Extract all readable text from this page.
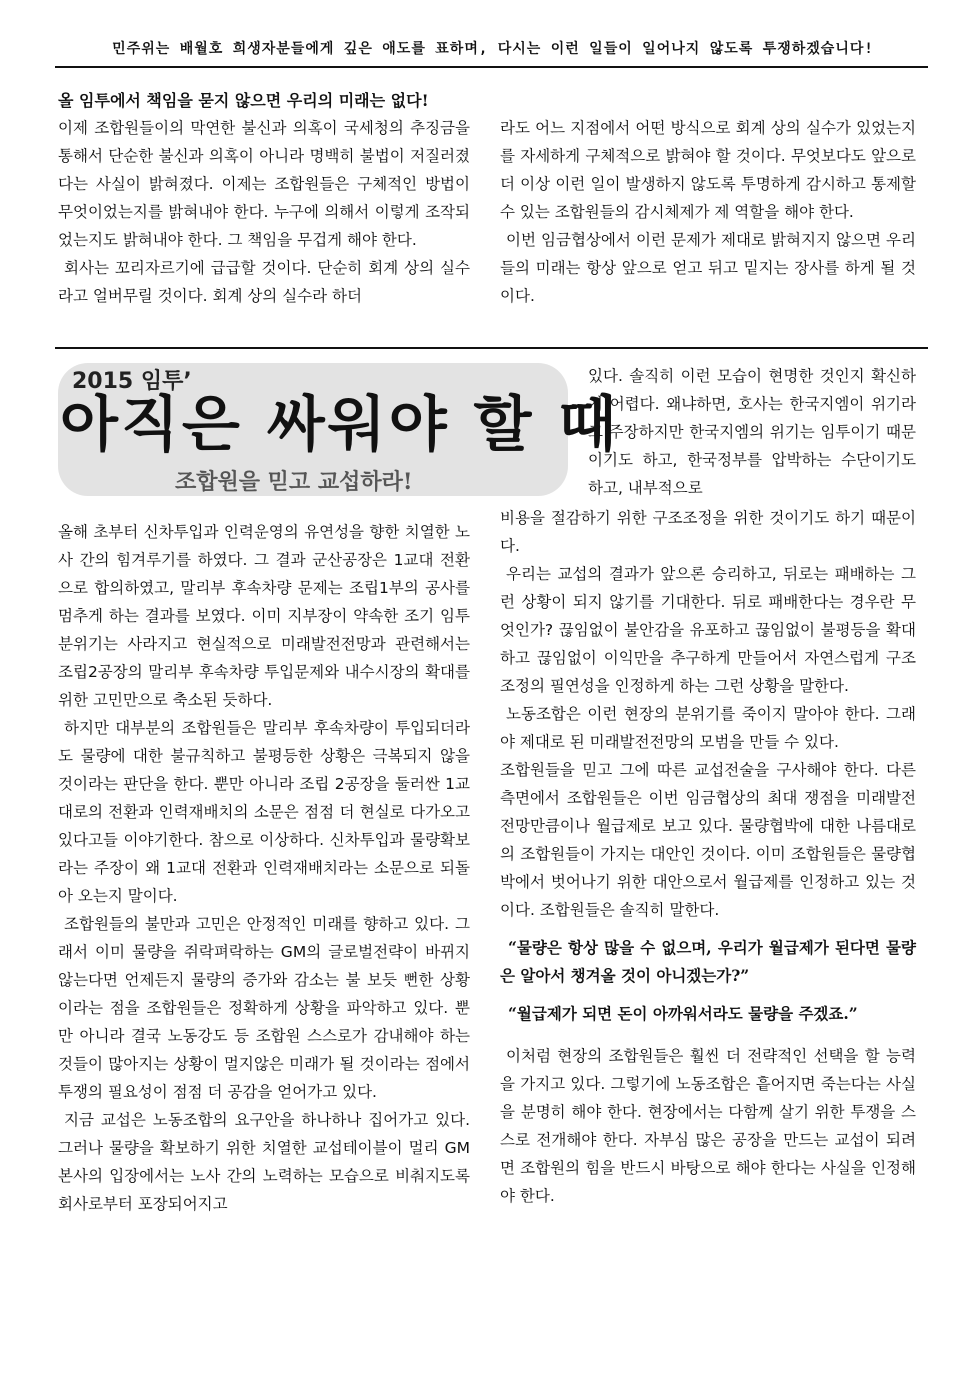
민주위는 배월호 희생자분들에게 깊은 애도를 표하며, 다시는 이런 일들이 일어나지 않도록 투쟁하겠습니다!
올 임투에서 책임을 묻지 않으면 우리의 미래는 없다!

이제 조합원들이의 막연한 불신과 의혹이 국세청의 추징금을 통해서 단순한 불신과 의혹이 아니라 명백히 불법이 저질러졌다는 사실이 밝혀졌다. 이제는 조합원들은 구체적인 방법이 무엇이었는지를 밝혀내야 한다. 누구에 의해서 이렇게 조작되었는지도 밝혀내야 한다. 그 책임을 무겁게 해야 한다.

회사는 꼬리자르기에 급급할 것이다. 단순히 회계 상의 실수라고 얼버무릴 것이다. 회계 상의 실수라 하더

라도 어느 지점에서 어떤 방식으로 회계 상의 실수가 있었는지를 자세하게 구체적으로 밝혀야 할 것이다. 무엇보다도 앞으로 더 이상 이런 일이 발생하지 않도록 투명하게 감시하고 통제할 수 있는 조합원들의 감시체제가 제 역할을 해야 한다.

이번 임금협상에서 이런 문제가 제대로 밝혀지지 않으면 우리들의 미래는 항상 앞으로 얻고 뒤고 밑지는 장사를 하게 될 것이다.

2015 임투’
아직은 싸워야 할 때
조합원을 믿고 교섭하라!

있다. 솔직히 이런 모습이 현명한 것인지 확신하기 어렵다. 왜냐하면, 호사는 한국지엠이 위기라고 주장하지만 한국지엠의 위기는 임투이기 때문이기도 하고, 한국정부를 압박하는 수단이기도 하고, 내부적으로

올해 초부터 신차투입과 인력운영의 유연성을 향한 치열한 노사 간의 힘겨루기를 하였다. 그 결과 군산공장은 1교대 전환으로 합의하였고, 말리부 후속차량 문제는 조립1부의 공사를 멈추게 하는 결과를 보였다. 이미 지부장이 약속한 조기 임투 분위기는 사라지고 현실적으로 미래발전전망과 관련해서는 조립2공장의 말리부 후속차량 투입문제와 내수시장의 확대를 위한 고민만으로 축소된 듯하다.

하지만 대부분의 조합원들은 말리부 후속차량이 투입되더라도 물량에 대한 불규칙하고 불평등한 상황은 극복되지 않을 것이라는 판단을 한다. 뿐만 아니라 조립 2공장을 둘러싼 1교대로의 전환과 인력재배치의 소문은 점점 더 현실로 다가오고 있다고들 이야기한다. 참으로 이상하다. 신차투입과 물량확보라는 주장이 왜 1교대 전환과 인력재배치라는 소문으로 되돌아 오는지 말이다.

조합원들의 불만과 고민은 안정적인 미래를 향하고 있다. 그래서 이미 물량을 쥐락펴락하는 GM의 글로벌전략이 바뀌지 않는다면 언제든지 물량의 증가와 감소는 불 보듯 뻔한 상황이라는 점을 조합원들은 정확하게 상황을 파악하고 있다. 뿐만 아니라 결국 노동강도 등 조합원 스스로가 감내해야 하는 것들이 많아지는 상황이 멀지않은 미래가 될 것이라는 점에서 투쟁의 필요성이 점점 더 공감을 얻어가고 있다.

지금 교섭은 노동조합의 요구안을 하나하나 집어가고 있다. 그러나 물량을 확보하기 위한 치열한 교섭테이블이 멀리 GM 본사의 입장에서는 노사 간의 노력하는 모습으로 비춰지도록 회사로부터 포장되어지고

비용을 절감하기 위한 구조조정을 위한 것이기도 하기 때문이다.

우리는 교섭의 결과가 앞으론 승리하고, 뒤로는 패배하는 그런 상황이 되지 않기를 기대한다. 뒤로 패배한다는 경우란 무엇인가? 끊임없이 불안감을 유포하고 끊임없이 불평등을 확대하고 끊임없이 이익만을 추구하게 만들어서 자연스럽게 구조조정의 필연성을 인정하게 하는 그런 상황을 말한다.

노동조합은 이런 현장의 분위기를 죽이지 말아야 한다. 그래야 제대로 된 미래발전전망의 모범을 만들 수 있다.

조합원들을 믿고 그에 따른 교섭전술을 구사해야 한다. 다른 측면에서 조합원들은 이번 임금협상의 최대 쟁점을 미래발전전망만큼이나 월급제로 보고 있다. 물량협박에 대한 나름대로의 조합원들이 가지는 대안인 것이다. 이미 조합원들은 물량협박에서 벗어나기 위한 대안으로서 월급제를 인정하고 있는 것이다. 조합원들은 솔직히 말한다.

“물량은 항상 많을 수 없으며, 우리가 월급제가 된다면 물량은 알아서 챙겨올 것이 아니겠는가?”

“월급제가 되면 돈이 아까워서라도 물량을 주겠죠.”

이처럼 현장의 조합원들은 훨씬 더 전략적인 선택을 할 능력을 가지고 있다. 그렇기에 노동조합은 흩어지면 죽는다는 사실을 분명히 해야 한다. 현장에서는 다함께 살기 위한 투쟁을 스스로 전개해야 한다. 자부심 많은 공장을 만드는 교섭이 되려면 조합원의 힘을 반드시 바탕으로 해야 한다는 사실을 인정해야 한다.
